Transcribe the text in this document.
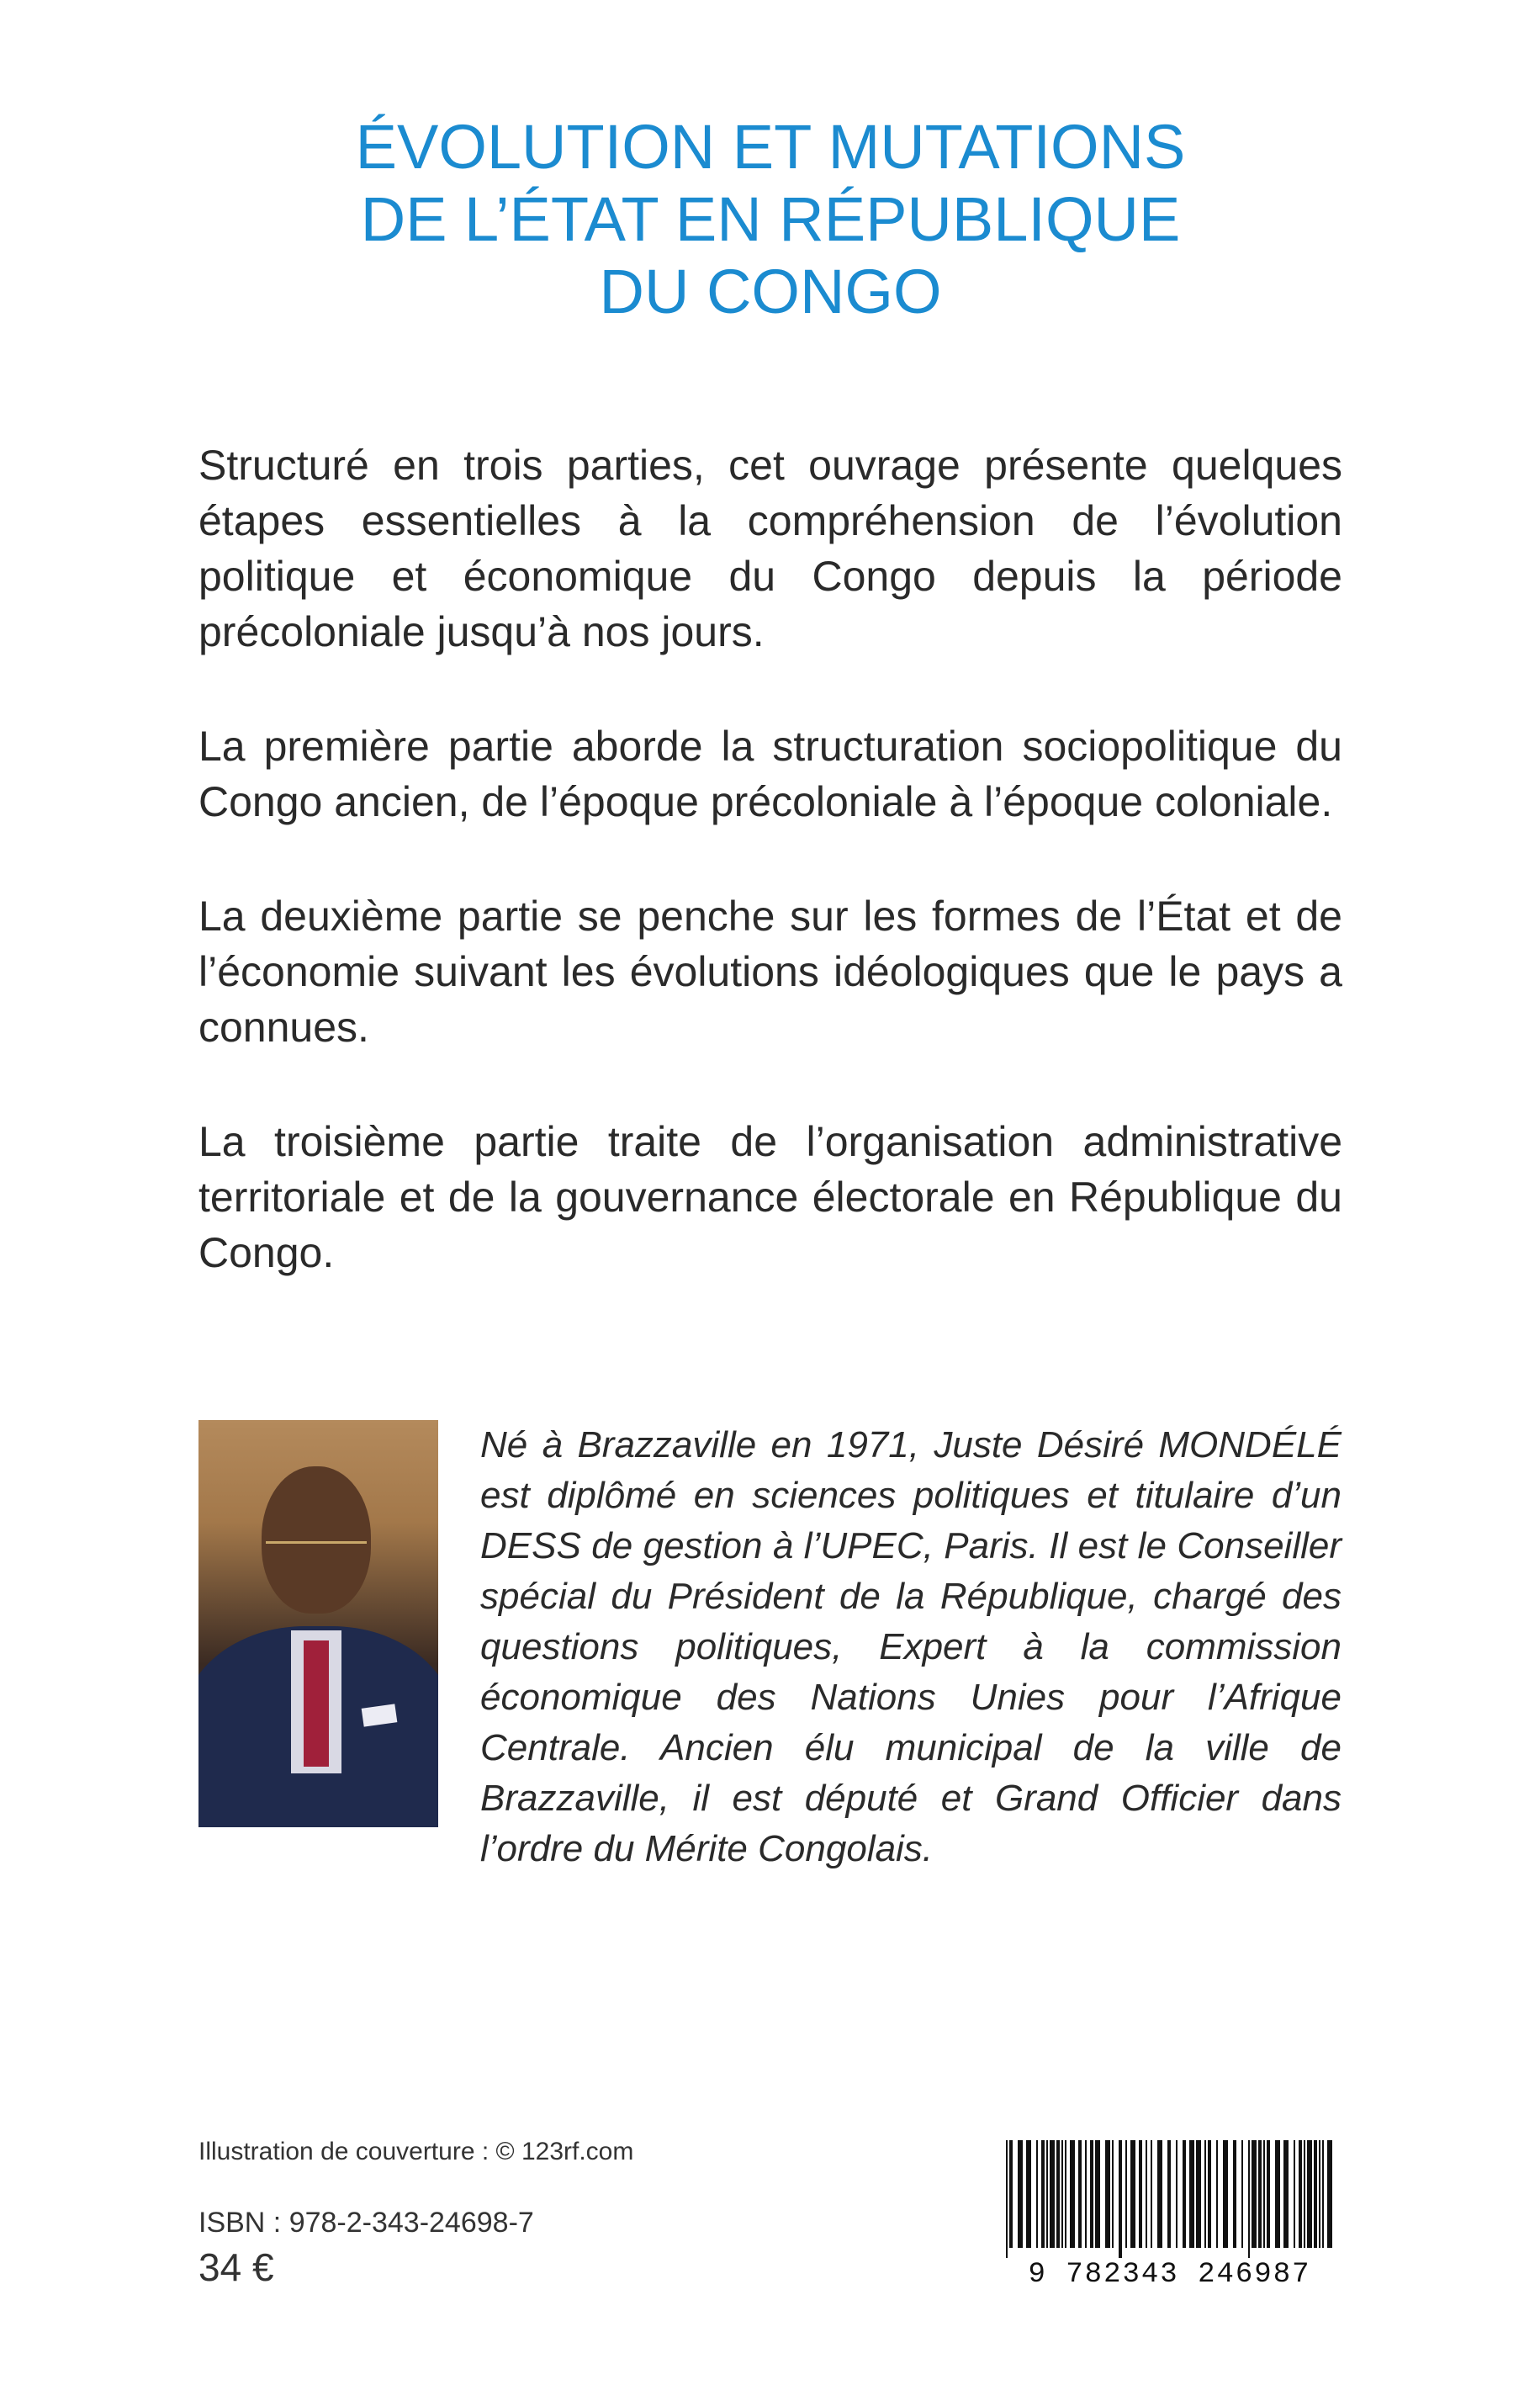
ÉVOLUTION ET MUTATIONS
DE L’ÉTAT EN RÉPUBLIQUE
DU CONGO

Structuré en trois parties, cet ouvrage présente quelques étapes essentielles à la compréhension de l’évolution politique et économique du Congo depuis la période précoloniale jusqu’à nos jours.

La première partie aborde la structuration sociopolitique du Congo ancien, de l’époque précoloniale à l’époque coloniale.

La deuxième partie se penche sur les formes de l’État et de l’économie suivant les évolutions idéologiques que le pays a connues.

La troisième partie traite de l’organisation administrative territoriale et de la gouvernance électorale en République du Congo.

Né à Brazzaville en 1971, Juste Désiré MONDÉLÉ est diplômé en sciences politiques et titulaire d’un DESS de gestion à l’UPEC, Paris. Il est le Conseiller spécial du Président de la République, chargé des questions politiques, Expert à la commission économique des Nations Unies pour l’Afrique Centrale. Ancien élu municipal de la ville de Brazzaville, il est député et Grand Officier dans l’ordre du Mérite Congolais.

Illustration de couverture : © 123rf.com
ISBN : 978-2-343-24698-7
34 €	9 782343 246987
